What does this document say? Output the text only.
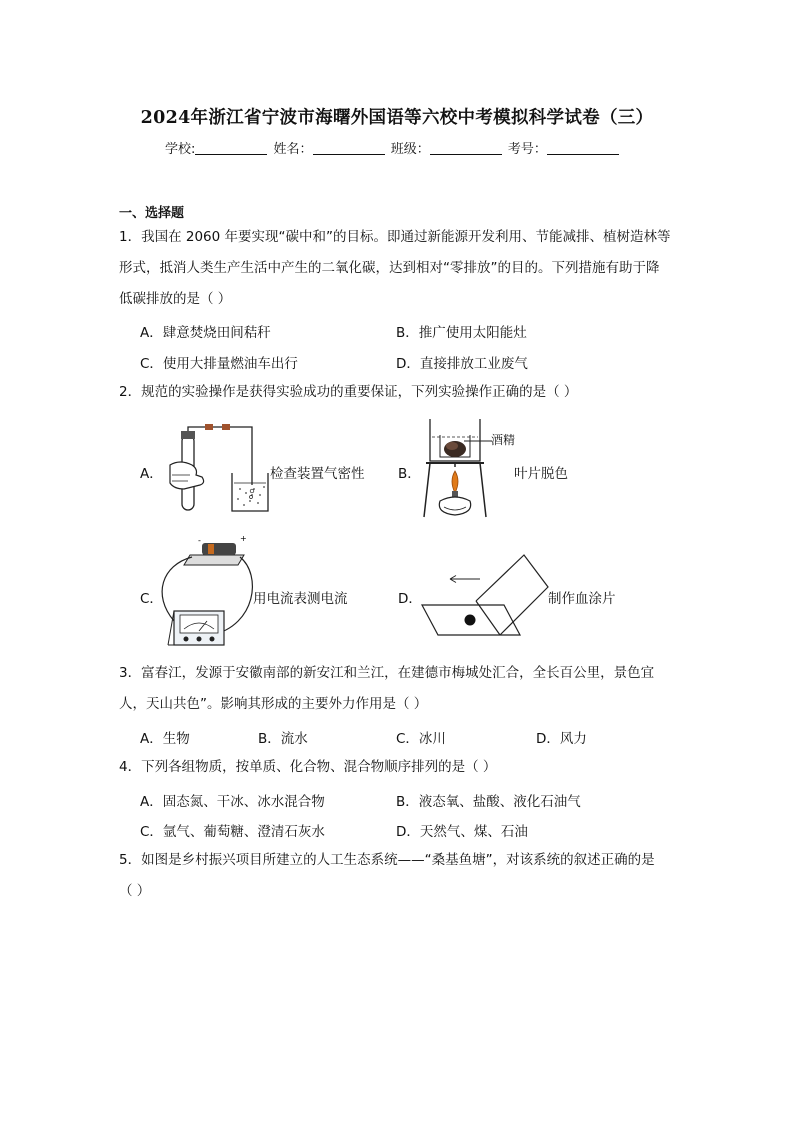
2024年浙江省宁波市海曙外国语等六校中考模拟科学试卷（三）
学校:	姓名：	班级：	考号：
一、选择题
1．我国在 2060 年要实现“碳中和”的目标。即通过新能源开发利用、节能减排、植树造林等
形式，抵消人类生产生活中产生的二氧化碳，达到相对“零排放”的目的。下列措施有助于降
低碳排放的是（ ）
A．肆意焚烧田间秸秆	B．推广使用太阳能灶
C．使用大排量燃油车出行	D．直接排放工业废气
2．规范的实验操作是获得实验成功的重要保证，下列实验操作正确的是（ ）
A．	检查装置气密性 B．
酒精
叶片脱色
C．
-	+
用电流表测电流	D．	制作血涂片
3．富春江，发源于安徽南部的新安江和兰江，在建德市梅城处汇合，全长百公里，景色宜
人，天山共色”。影响其形成的主要外力作用是（ ）
A．生物	B．流水	C．冰川	D．风力
4．下列各组物质，按单质、化合物、混合物顺序排列的是（ ）
A．固态氮、干冰、冰水混合物	B．液态氧、盐酸、液化石油气
C．氩气、葡萄糖、澄清石灰水	D．天然气、煤、石油
5．如图是乡村振兴项目所建立的人工生态系统——“桑基鱼塘”，对该系统的叙述正确的是
（ ）
